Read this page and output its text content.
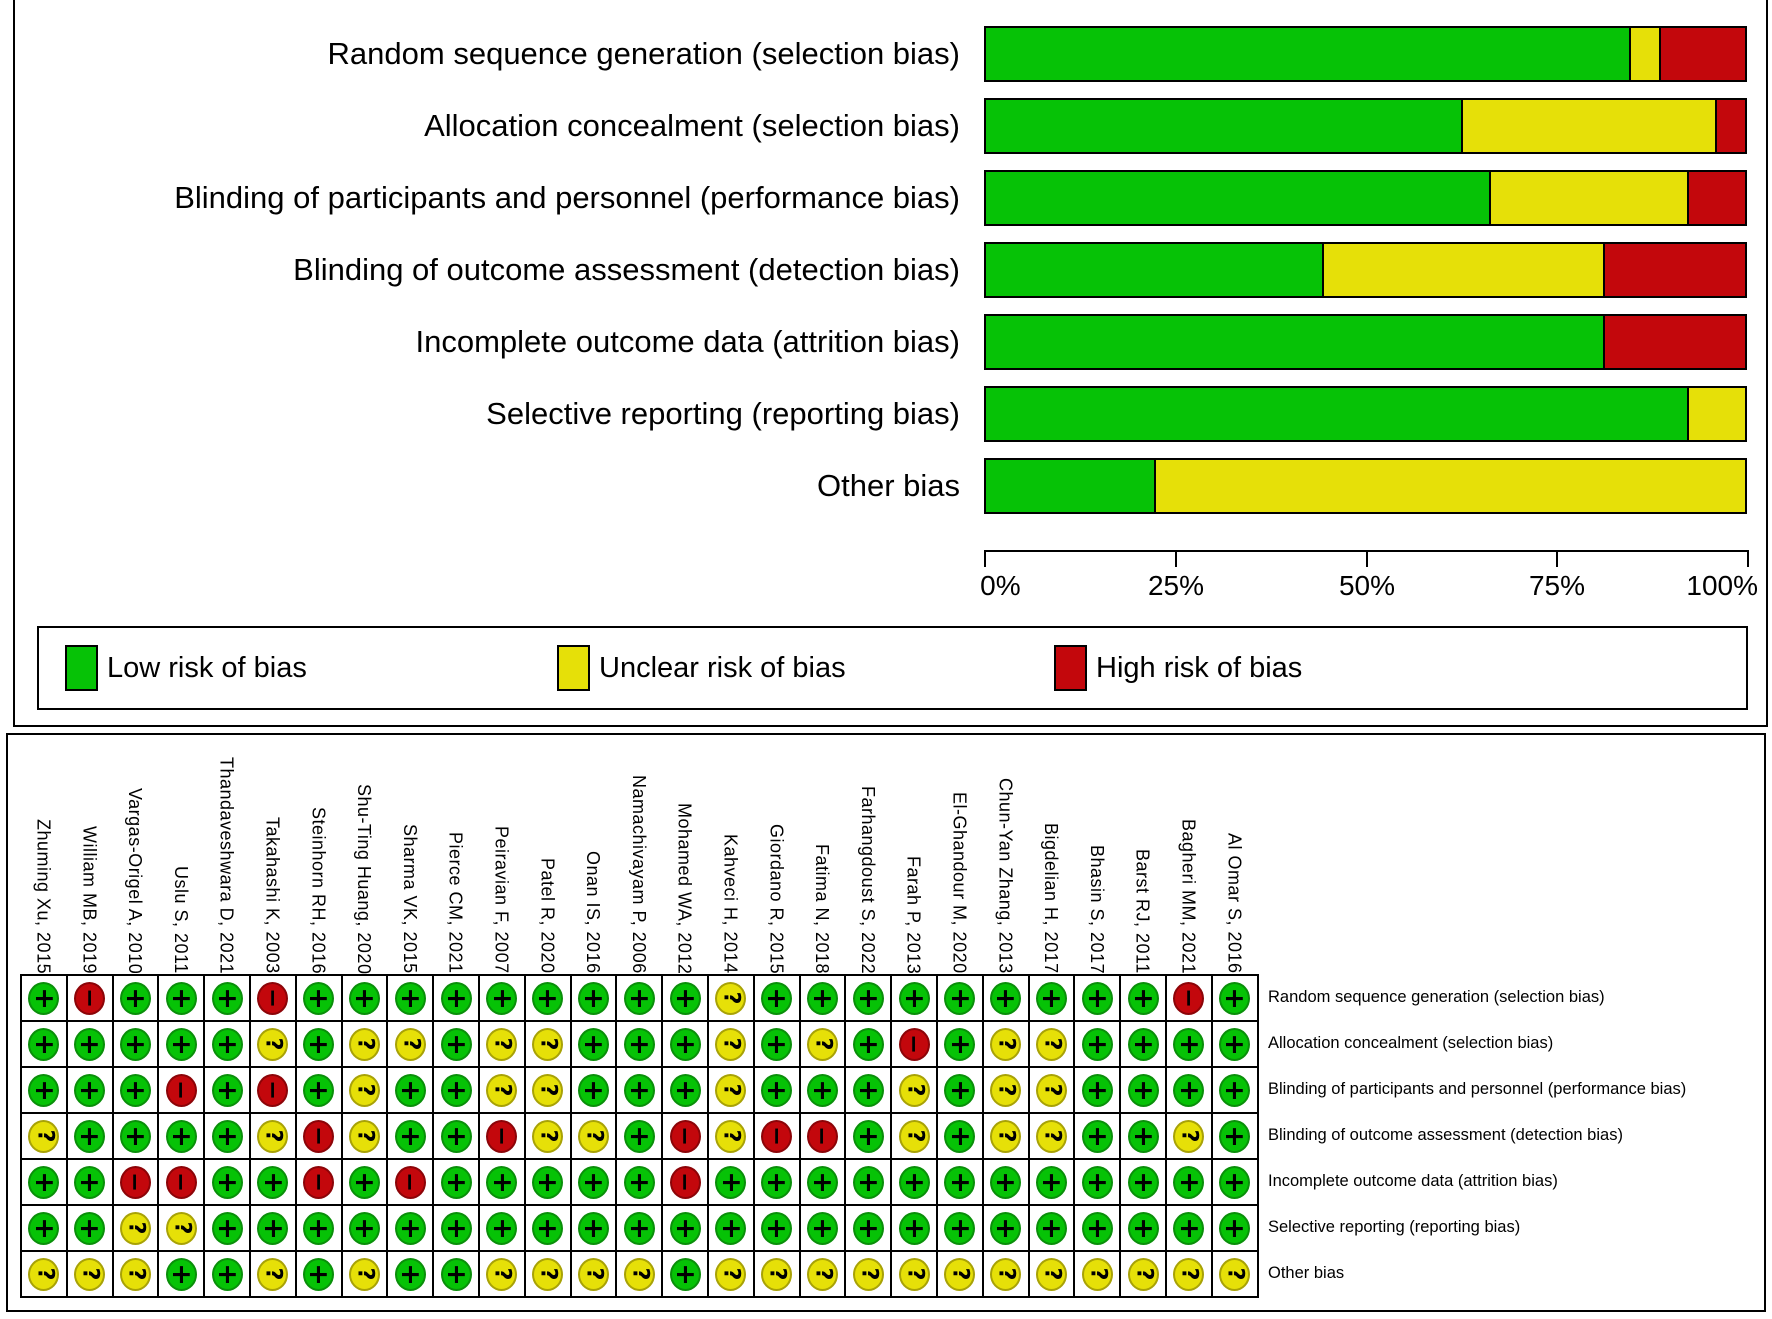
Random sequence generation (selection bias)
Allocation concealment (selection bias)
Blinding of participants and personnel (performance bias)
Blinding of outcome assessment (detection bias)
Incomplete outcome data (attrition bias)
Selective reporting (reporting bias)
Other bias
0%	25%	50%	75%	100%
Low risk of bias	Unclear risk of bias	High risk of bias
Zhuming Xu, 2015 William MB, 2019 Vargas-Origel A, 2010 Uslu S, 2011 Thandaveshwara D, 2021 Takahashi K, 2003 Steinhorn RH, 2016 Shu-Ting Huang, 2020 Sharma VK, 2015 Pierce CM, 2021 Peiravian F, 2007 Patel R, 2020 Onan IS, 2016 Namachivayam P, 2006 Mohamed WA, 2012 Kahveci H, 2014 Giordano R, 2015 Fatima N, 2018 Farhangdoust S, 2022 Farah P, 2013 El-Ghandour M, 2020 Chun-Yan Zhang, 2013 Bigdelian H, 2017 Bhasin S, 2017 Barst RJ, 2011 Bagheri MM, 2021 Al Omar S, 2016
+ − + + + − + + + + + + + + + ? + + + + + + + + + − +
+ + + + + ? + ? ? + ? ? + + + ? + ? + − + ? ? + + + +
+ + + − + − + ? + + ? ? + + + ? + + + ? + ? ? + + + +
? + + + + ? − ? + + − ? ? + − ? − − + ? + ? ? + + ? +
+ + − − + + − + − + + + + + − + + + + + + + + + + + +
+ + ? ? + + + + + + + + + + + + + + + + + + + + + + +
? ? ? + + ? + ? + + ? ? ? ? + ? ? ? ? ? ? ? ? ? ? ? ?
Random sequence generation (selection bias)
Allocation concealment (selection bias)
Blinding of participants and personnel (performance bias)
Blinding of outcome assessment (detection bias)
Incomplete outcome data (attrition bias)
Selective reporting (reporting bias)
Other bias
